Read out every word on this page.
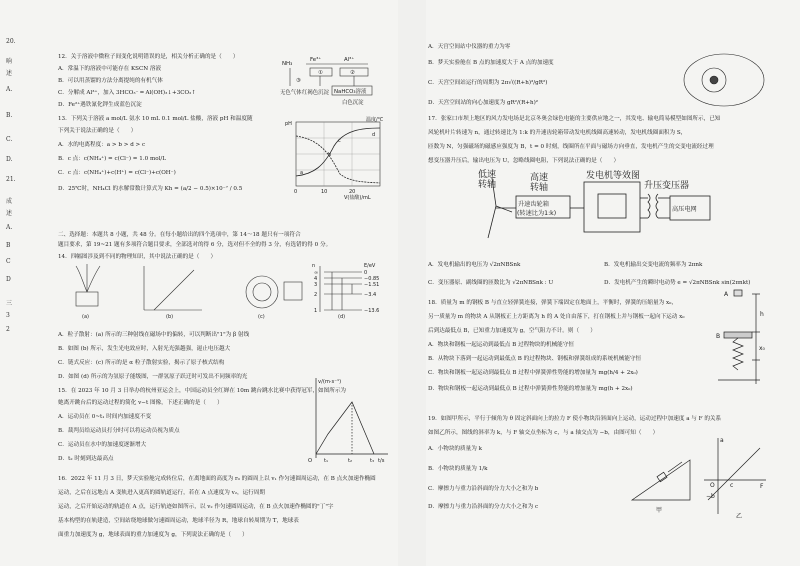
20.
晌
述
A.
B.
C.
D.
21.
成
述
A.
B
C
D
三
3
2
12．关于溶液中微粒子间变化说明错误的是，相关分析正确的是（　　）
A．常温下的溶液中可能存在 KSCN 溶液
B．可以用蒸馏的方法分离提纯的有机气体
C．分解成 Al³⁺，加入 3HCO₃⁻ ═ Al(OH)₃↓+3CO₂↑
D．Fe²⁺遇铁氰化钾生成蓝色沉淀
NH₃
Fe³⁺	Al³⁺
①	②
③
无色气体 红褐色沉淀 NaHCO₃溶液
白色沉淀
13．下列关于溶液 a mol/L 氨水 10 mL 0.1 mol/L 盐酸，溶液 pH 和温度随
下列关于说法正确的是（　　）
A．水的电离程度：a > b > d > c
B．c 点：c(NH₄⁺) = c(Cl⁻) = 1.0 mol/L
C．c 点：c(NH₄⁺)+c(H⁺) = c(Cl⁻)+c(OH⁻)
D．25℃时，NH₄Cl 的水解常数计算式为 Kh = (a/2 − 0.5)×10⁻⁷ / 0.5
pH
温度/℃
V(盐酸)/mL
0	10	20
a
b
c
d
二、选择题：本题共 8 小题，共 48 分。在每小题给出的四个选项中，第 14～18 题只有一项符合
题目要求，第 19~21 题有多项符合题目要求，全部选对的得 6 分，选对但不全的得 3 分，有选错的得 0 分。
14．四幅图涉及到不同的物理知识，其中说法正确的是（　　）
(a)	(b)	(c)	(d)
n	E/eV
∞
4
3
2
1
0
−0.85
−1.51
−3.4
−13.6
A．粒子散射：(a) 所示的三种射线在磁场中的偏转，可以判断出"1"为 β 射线
B．如图 (b) 所示，发生光电效应时，入射光光强越强，遏止电压越大
C．链式反应：(c) 所示的是 α 粒子散射实验，揭示了原子核式结构
D．如图 (d) 所示的为氢原子能级图，一群氢原子跃迁时可发出不同频率的光
15．在 2023 年 10 月 3 日举办的杭州亚运会上，中国运动员全红婵在 10m 跳台跳水比赛中获得冠军，如图所示为
她离开跳台后的运动过程的简化 v−t 图像，下述正确的是（　　）
A．运动员在 0~t₁ 时间内加速度不变
B．裁判员给运动员打分时可以将运动员视为质点
C．运动员在水中的加速度逐渐增大
D．t₂ 时刻到达最高点
v/(m·s⁻¹)
t/s
O t₁	t₂	t₃
16．2022 年 11 月 3 日，梦天实验舱完成转位后，在离地面的高度为 r₀ 的圆周上以 v₁ 作匀速圆周运动，在 B 点火加速作椭圆
运动，之后在远地点 A 变轨进入更高的圆轨道运行，若在 A 点速度为 v₂，运行周期
运动，之后开始运动的轨道在 A 点，运行轨迹如图所示，以 v₂ 作匀速圆周运动，在 B 点火加速作椭圆的"丁"字
基本构型的在轨建造，空间站绕地球做匀速圆周运动，地球半径为 R，地球自转周期为 T，地球表
面重力加速度为 g，地球表面的重力加速度为 g，下列说法正确的是（　　）
A．天宫空间站中仪器的重力为零
B．梦天实验舱在 B 点的加速度大于 A 点的加速度
C．天宫空间站运行的周期为 2π√((R+h)³/gR²)
D．天宫空间站的向心加速度为 gR²/(R+h)²
17．张家口市坝上地区的风力发电场是北京冬奥会绿色电能的主要供应地之一，其发电、输电简易模型如图所示，已知
风轮机叶片转速为 n，通过转速比为 1:k 的升速齿轮箱带动发电机线圈高速转动，发电机线圈面积为 S，
匝数为 N，匀强磁场的磁感应强度为 B，t = 0 时刻，线圈所在平面与磁场方向垂直，发电机产生的交变电流经过理
想变压器升压后，输出电压为 U，忽略线圈电阻，下列说法正确的是（　　）
低速转轴
高速转轴
发电机等效图
升压变压器
升速齿轮箱
(转速比为1:k)
高压电网
A．发电机输出的电压为 √2πNBSnk	B．发电机输出交变电流的频率为 2πnk
C．变压器原、副线圈的匝数比为 √2πNBSnk : U	D．发电机产生的瞬时电动势 e = √2πNBSnk sin(2πnkt)
18．质量为 m 的钢板 B 与直立轻弹簧连接，弹簧下端固定在地面上，平衡时，弹簧的压缩量为 x₀，
另一质量为 m 的物块 A 从钢板正上方距离为 h 的 A 处自由落下，打在钢板上并与钢板一起向下运动 x₀
后到达最低点 B，已知重力加速度为 g，空气阻力不计。则（　　）
A．物块和钢板一起运动到最低点 B 过程物块的机械能守恒
B．从物块下落到一起运动到最低点 B 的过程物块、钢板和弹簧组成的系统机械能守恒
C．物块和钢板一起运动到最低点 B 过程中弹簧弹性势能的增加量为 mg(h/4 + 2x₀)
D．物块和钢板一起运动到最低点 B 过程中弹簧弹性势能的增加量为 mg(h + 2x₀)
A
B
h
x₀
19．如图甲所示，平行于倾角为 θ 固定斜面向上的拉力 F 使小物块沿斜面向上运动，运动过程中加速度 a 与 F 的关系
如图乙所示，图线的斜率为 k，与 F 轴交点坐标为 c，与 a 轴交点为 −b，由图可知（　　）
A．小物块的质量为 k
B．小物块的质量为 1/k
C．摩擦力与重力沿斜面的分力大小之和为 b
D．摩擦力与重力沿斜面的分力大小之和为 c	甲
乙
a
F
c
−b
O
